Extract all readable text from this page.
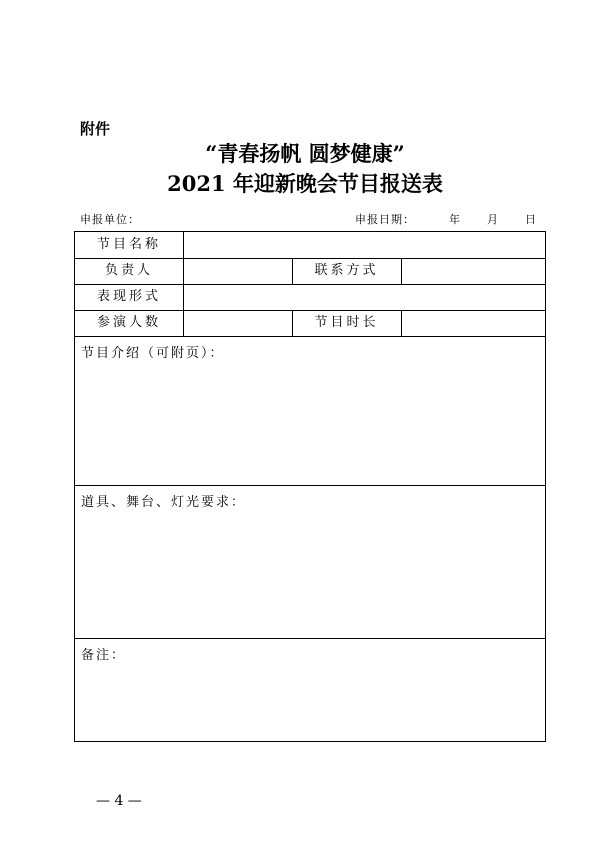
附件
“青春扬帆 圆梦健康”
2021 年迎新晚会节目报送表
申报单位：	申报日期：	年 月 日
节目名称
负责人	联系方式
表现形式
参演人数	节目时长
节目介绍（可附页）：
道具、舞台、灯光要求：
备注：
— 4 —
